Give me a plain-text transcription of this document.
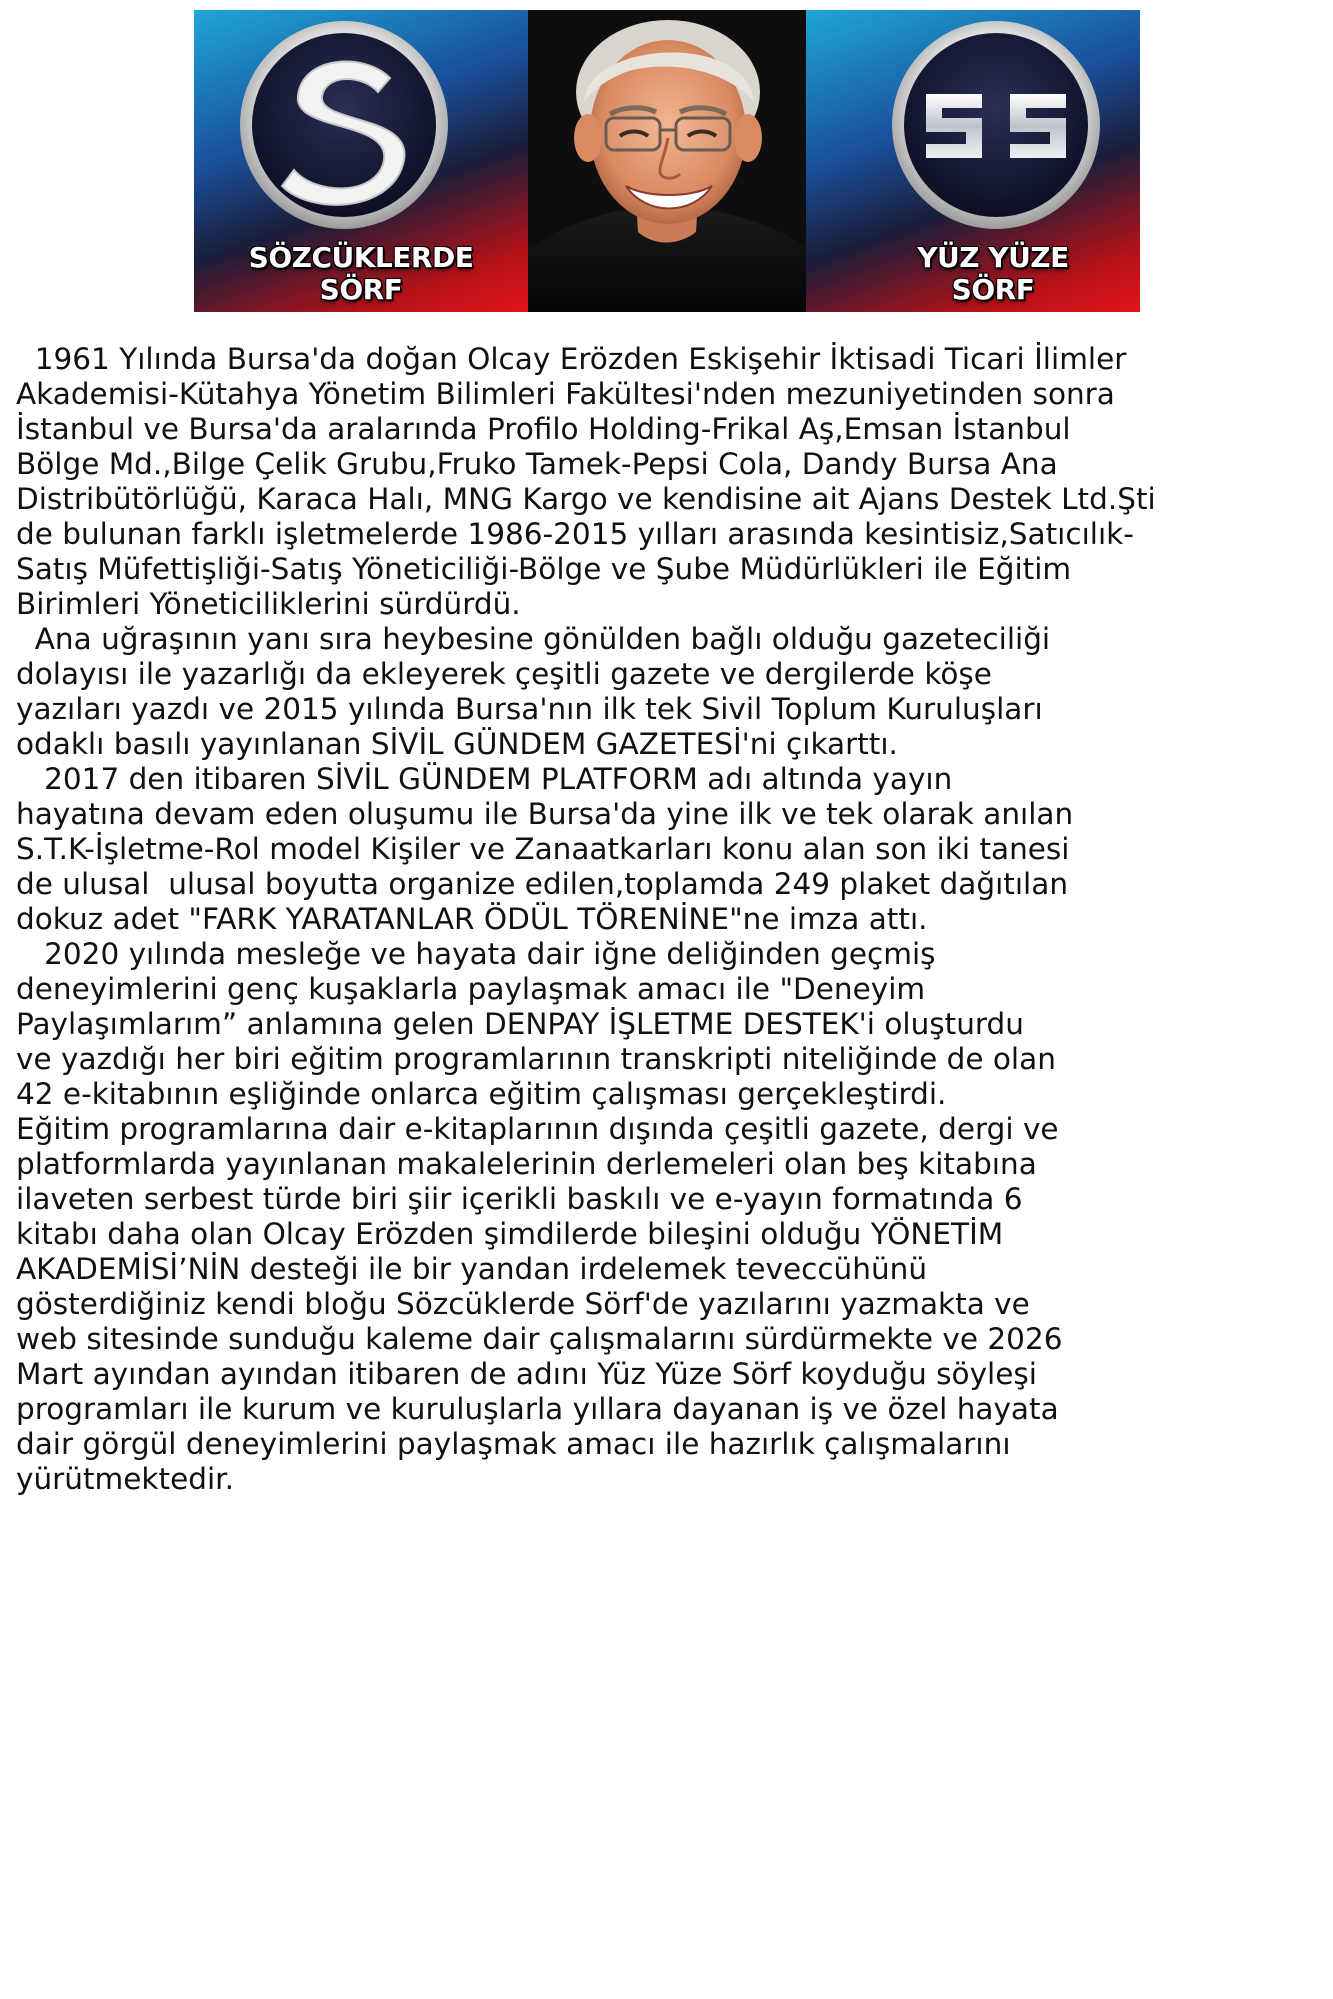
SÖZCÜKLERDE
SÖRF
YÜZ YÜZE
SÖRF
1961 Yılında Bursa'da doğan Olcay Erözden Eskişehir İktisadi Ticari İlimler
Akademisi-Kütahya Yönetim Bilimleri Fakültesi'nden mezuniyetinden sonra
İstanbul ve Bursa'da aralarında Profilo Holding-Frikal Aş,Emsan İstanbul
Bölge Md.,Bilge Çelik Grubu,Fruko Tamek-Pepsi Cola, Dandy Bursa Ana
Distribütörlüğü, Karaca Halı, MNG Kargo ve kendisine ait Ajans Destek Ltd.Şti
de bulunan farklı işletmelerde 1986-2015 yılları arasında kesintisiz,Satıcılık-
Satış Müfettişliği-Satış Yöneticiliği-Bölge ve Şube Müdürlükleri ile Eğitim
Birimleri Yöneticiliklerini sürdürdü.
Ana uğraşının yanı sıra heybesine gönülden bağlı olduğu gazeteciliği
dolayısı ile yazarlığı da ekleyerek çeşitli gazete ve dergilerde köşe
yazıları yazdı ve 2015 yılında Bursa'nın ilk tek Sivil Toplum Kuruluşları
odaklı basılı yayınlanan SİVİL GÜNDEM GAZETESİ'ni çıkarttı.
2017 den itibaren SİVİL GÜNDEM PLATFORM adı altında yayın
hayatına devam eden oluşumu ile Bursa'da yine ilk ve tek olarak anılan
S.T.K-İşletme-Rol model Kişiler ve Zanaatkarları konu alan son iki tanesi
de ulusal  ulusal boyutta organize edilen,toplamda 249 plaket dağıtılan
dokuz adet "FARK YARATANLAR ÖDÜL TÖRENİNE"ne imza attı.
2020 yılında mesleğe ve hayata dair iğne deliğinden geçmiş
deneyimlerini genç kuşaklarla paylaşmak amacı ile "Deneyim
Paylaşımlarım” anlamına gelen DENPAY İŞLETME DESTEK'i oluşturdu
ve yazdığı her biri eğitim programlarının transkripti niteliğinde de olan
42 e-kitabının eşliğinde onlarca eğitim çalışması gerçekleştirdi.
Eğitim programlarına dair e-kitaplarının dışında çeşitli gazete, dergi ve
platformlarda yayınlanan makalelerinin derlemeleri olan beş kitabına
ilaveten serbest türde biri şiir içerikli baskılı ve e-yayın formatında 6
kitabı daha olan Olcay Erözden şimdilerde bileşini olduğu YÖNETİM
AKADEMİSİ’NİN desteği ile bir yandan irdelemek teveccühünü
gösterdiğiniz kendi bloğu Sözcüklerde Sörf'de yazılarını yazmakta ve
web sitesinde sunduğu kaleme dair çalışmalarını sürdürmekte ve 2026
Mart ayından ayından itibaren de adını Yüz Yüze Sörf koyduğu söyleşi
programları ile kurum ve kuruluşlarla yıllara dayanan iş ve özel hayata
dair görgül deneyimlerini paylaşmak amacı ile hazırlık çalışmalarını
yürütmektedir.
